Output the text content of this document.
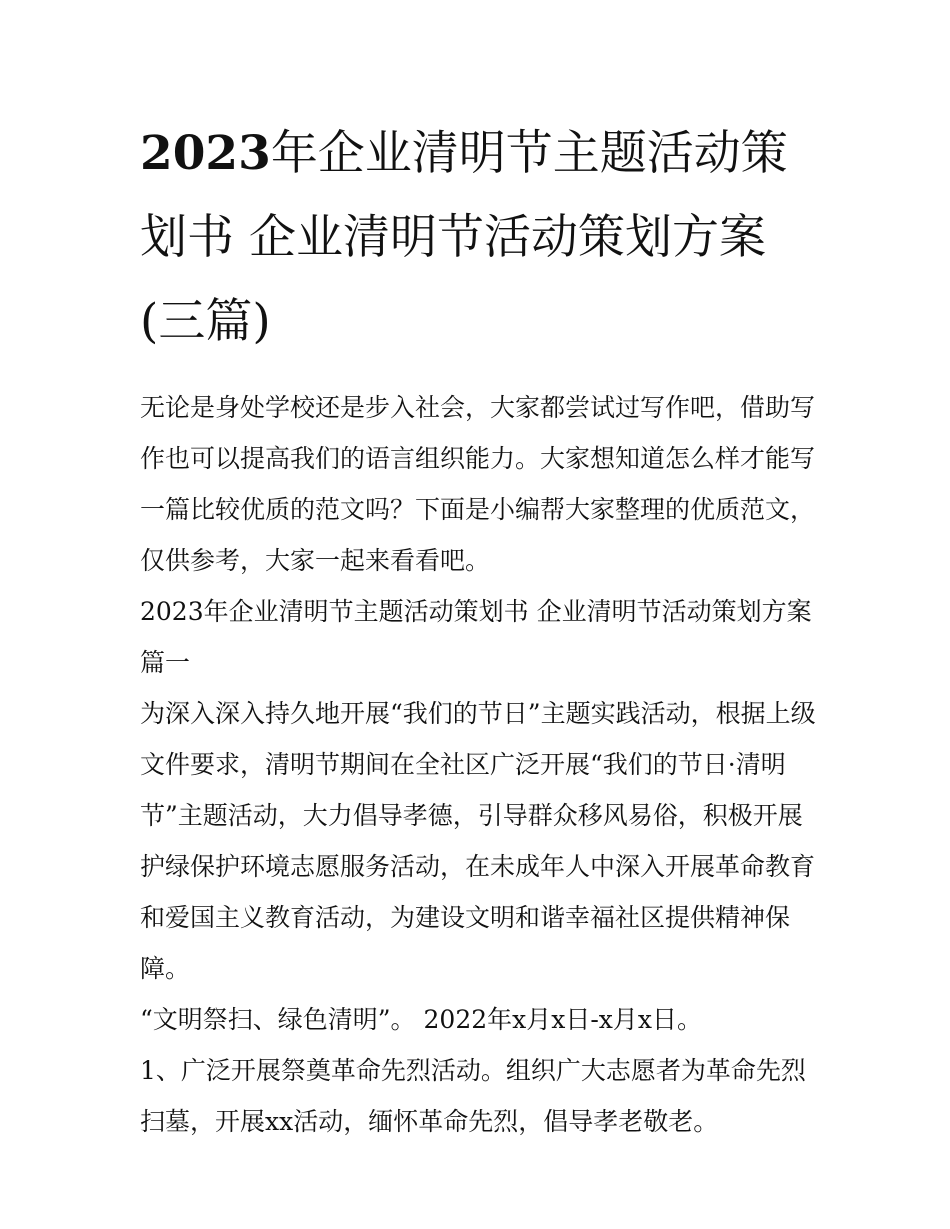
2023年企业清明节主题活动策划书 企业清明节活动策划方案(三篇)

无论是身处学校还是步入社会，大家都尝试过写作吧，借助写作也可以提高我们的语言组织能力。大家想知道怎么样才能写一篇比较优质的范文吗？下面是小编帮大家整理的优质范文，仅供参考，大家一起来看看吧。

2023年企业清明节主题活动策划书 企业清明节活动策划方案篇一

为深入深入持久地开展“我们的节日”主题实践活动，根据上级文件要求，清明节期间在全社区广泛开展“我们的节日·清明节”主题活动，大力倡导孝德，引导群众移风易俗，积极开展护绿保护环境志愿服务活动，在未成年人中深入开展革命教育和爱国主义教育活动，为建设文明和谐幸福社区提供精神保障。

“文明祭扫、绿色清明”。 2022年x月x日-x月x日。

1、广泛开展祭奠革命先烈活动。组织广大志愿者为革命先烈扫墓，开展xx活动，缅怀革命先烈，倡导孝老敬老。
